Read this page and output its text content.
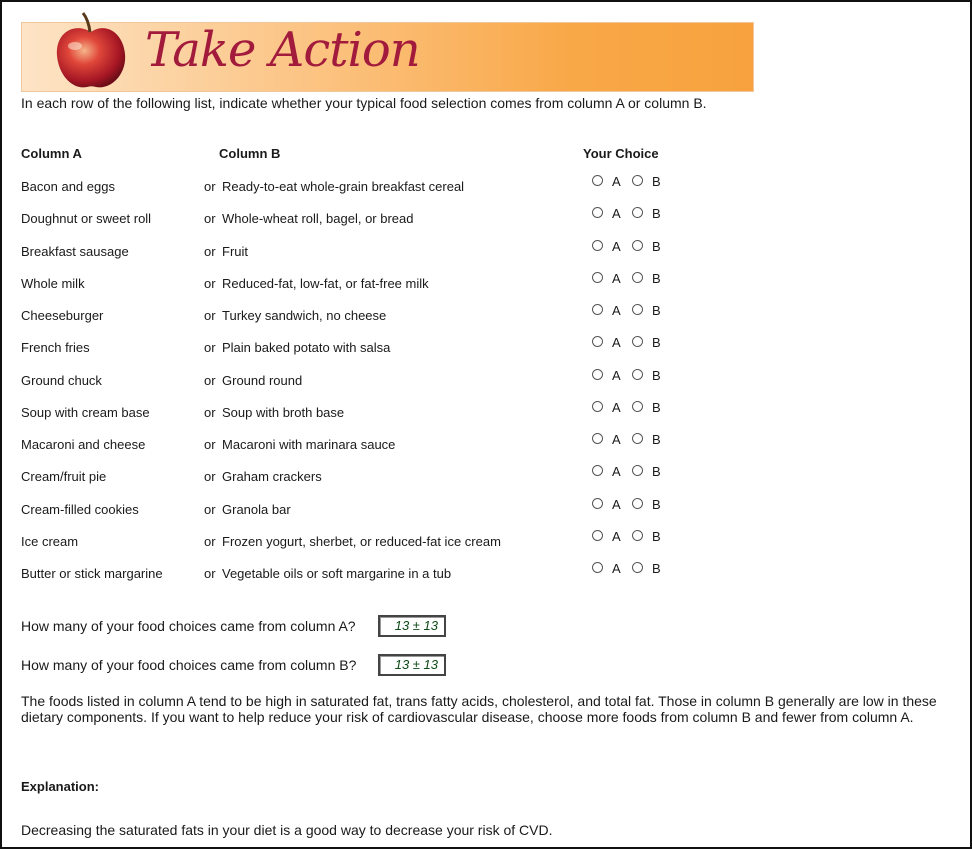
Take Action
In each row of the following list, indicate whether your typical food selection comes from column A or column B.
Column A	Column B	Your Choice
Bacon and eggs	or Ready-to-eat whole-grain breakfast cereal	A B
Doughnut or sweet roll	or Whole-wheat roll, bagel, or bread	A B
Breakfast sausage	or Fruit	A B
Whole milk	or Reduced-fat, low-fat, or fat-free milk	A B
Cheeseburger	or Turkey sandwich, no cheese	A B
French fries	or Plain baked potato with salsa	A B
Ground chuck	or Ground round	A B
Soup with cream base	or Soup with broth base	A B
Macaroni and cheese	or Macaroni with marinara sauce	A B
Cream/fruit pie	or Graham crackers	A B
Cream-filled cookies	or Granola bar	A B
Ice cream	or Frozen yogurt, sherbet, or reduced-fat ice cream	A B
Butter or stick margarine	or Vegetable oils or soft margarine in a tub	A B
How many of your food choices came from column A?	13 ± 13
How many of your food choices came from column B?	13 ± 13
The foods listed in column A tend to be high in saturated fat, trans fatty acids, cholesterol, and total fat. Those in column B generally are low in these dietary components. If you want to help reduce your risk of cardiovascular disease, choose more foods from column B and fewer from column A.
Explanation:
Decreasing the saturated fats in your diet is a good way to decrease your risk of CVD.
